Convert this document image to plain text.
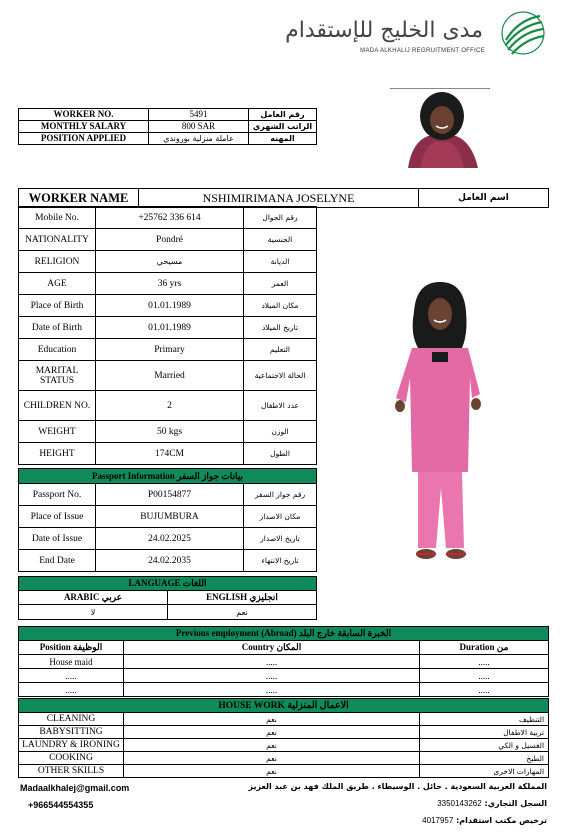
مدى الخليج للإستقدام
MADA ALKHALIJ REGRUITMENT OFFICE
WORKER NO.	5491	رقم العامل
MONTHLY SALARY	800 SAR	الراتب الشهري
POSITION APPLIED	عاملة منزلية بوروندي	المهنه
WORKER NAME	NSHIMIRIMANA JOSELYNE	اسم العامل
Mobile No.	+25762 336 614	رقم الجوال
NATIONALITY	Pondré	الجنسية
RELIGION	مسيحي	الديانة
AGE	36 yrs	العمر
Place of Birth	01.01.1989	مكان الميلاد
Date of Birth	01.01.1989	تاريخ الميلاد
Education	Primary	التعليم
MARITAL STATUS	Married	الحالة الاجتماعية
CHILDREN NO.	2	عدد الاطفال
WEIGHT	50 kgs	الوزن
HEIGHT	174CM	الطول
Passport Information بيانات جواز السفر		
Passport No.	P00154877	رقم جواز السفر
Place of Issue	BUJUMBURA	مكان الاصدار
Date of Issue	24.02.2025	تاريخ الاصدار
End Date	24.02.2035	تاريخ الانتهاء
LANGUAGE اللغات	
ARABIC عربي	ENGLISH انجليزي
لا	نعم
Previous employment (Abroad) الخبرة السابقة خارج البلد		
Position الوظيفة	Country المكان	Duration من
House maid	.....	.....
.....	.....	.....
.....	.....	.....
HOUSE WORK الاعمال المنزلية		
CLEANING	نعم	التنظيف
BABYSITTING	نعم	تربية الاطفال
LAUNDRY & IRONING	نعم	الغسيل و الكي
COOKING	نعم	الطبخ
OTHER SKILLS	نعم	المهارات الاخرى
Madaalkhalej@gmail.com
+966544554355
المملكة العربية السعودية . حائل . الوسيطاء . طريق الملك فهد بن عبد العزيز
السجل التجاري: 3350143262
ترخيص مكتب استقدام: 4017957
